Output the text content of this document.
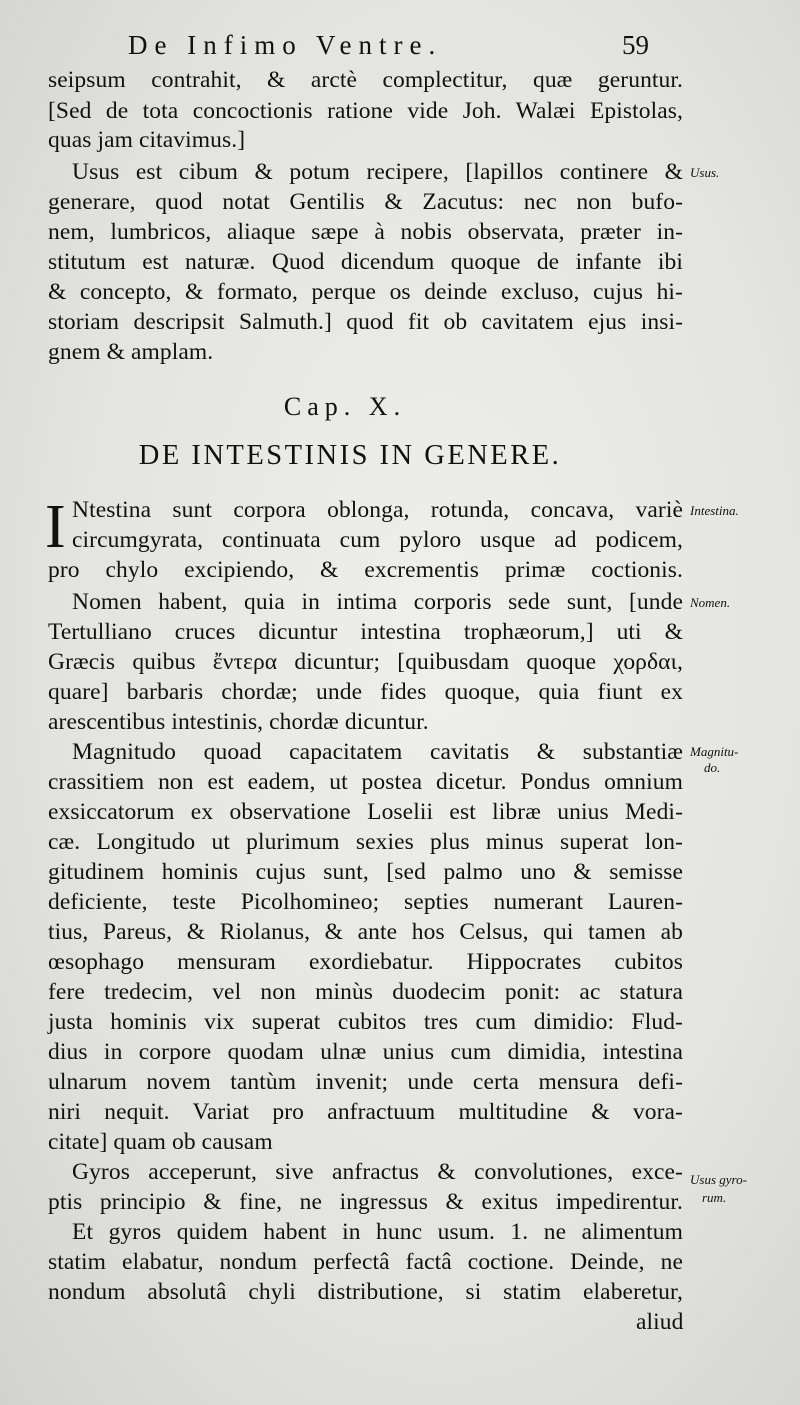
De Infimo Ventre.	59
seipsum contrahit, & arctè complectitur, quæ geruntur.
[Sed de tota concoctionis ratione vide Joh. Walæi Epistolas,
quas jam citavimus.]
Usus est cibum & potum recipere, [lapillos continere &
generare, quod notat Gentilis & Zacutus: nec non bufo-
nem, lumbricos, aliaque sæpe à nobis observata, præter in-
stitutum est naturæ. Quod dicendum quoque de infante ibi
& concepto, & formato, perque os deinde excluso, cujus hi-
storiam descripsit Salmuth.] quod fit ob cavitatem ejus insi-
gnem & amplam.
Cap. X.
DE INTESTINIS IN GENERE.
I Ntestina sunt corpora oblonga, rotunda, concava, variè
circumgyrata, continuata cum pyloro usque ad podicem,
pro chylo excipiendo, & excrementis primæ coctionis.
Nomen habent, quia in intima corporis sede sunt, [unde
Tertulliano cruces dicuntur intestina trophæorum,] uti &
Græcis quibus ἔντερα dicuntur; [quibusdam quoque χορδαι,
quare] barbaris chordæ; unde fides quoque, quia fiunt ex
arescentibus intestinis, chordæ dicuntur.
Magnitudo quoad capacitatem cavitatis & substantiæ
crassitiem non est eadem, ut postea dicetur. Pondus omnium
exsiccatorum ex observatione Loselii est libræ unius Medi-
cæ. Longitudo ut plurimum sexies plus minus superat lon-
gitudinem hominis cujus sunt, [sed palmo uno & semisse
deficiente, teste Picolhomineo; septies numerant Lauren-
tius, Pareus, & Riolanus, & ante hos Celsus, qui tamen ab
œsophago mensuram exordiebatur. Hippocrates cubitos
fere tredecim, vel non minùs duodecim ponit: ac statura
justa hominis vix superat cubitos tres cum dimidio: Flud-
dius in corpore quodam ulnæ unius cum dimidia, intestina
ulnarum novem tantùm invenit; unde certa mensura defi-
niri nequit. Variat pro anfractuum multitudine & vora-
citate] quam ob causam
Gyros acceperunt, sive anfractus & convolutiones, exce-
ptis principio & fine, ne ingressus & exitus impedirentur.
Et gyros quidem habent in hunc usum. 1. ne alimentum
statim elabatur, nondum perfectâ factâ coctione. Deinde, ne
nondum absolutâ chyli distributione, si statim elaberetur,
aliud
Usus.
Intestina.
Nomen.
Magnitu-
do.
Usus gyro-
rum.
